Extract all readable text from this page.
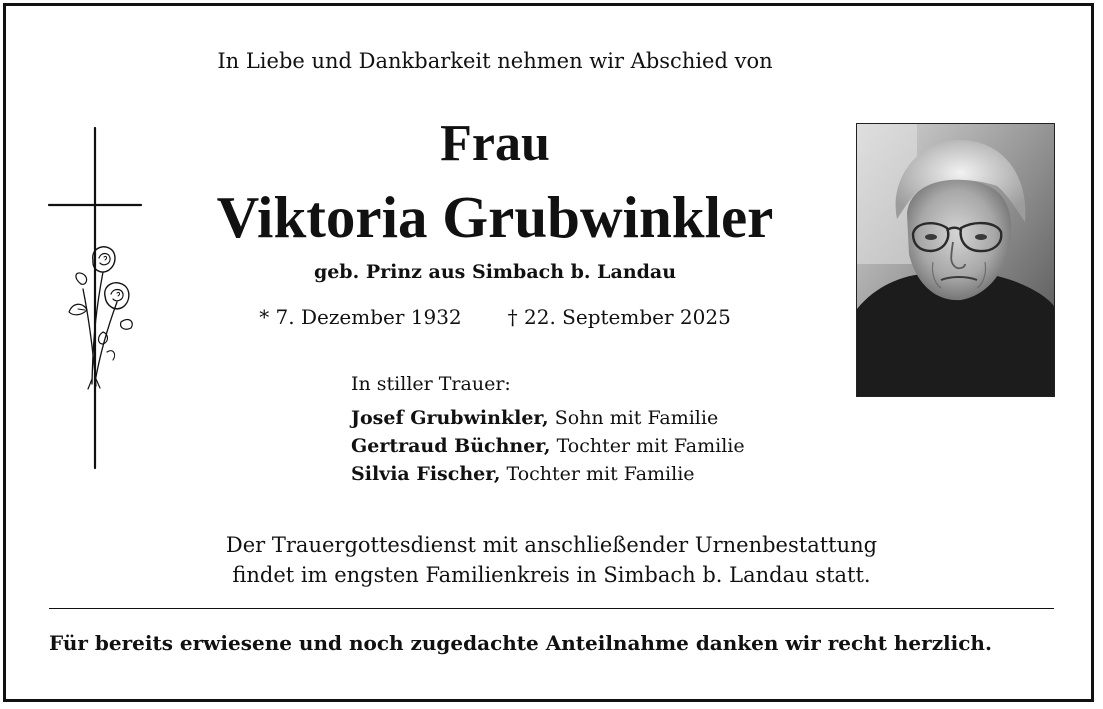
In Liebe und Dankbarkeit nehmen wir Abschied von
Frau
Viktoria Grubwinkler
geb. Prinz aus Simbach b. Landau
* 7. Dezember 1932 † 22. September 2025
In stiller Trauer:
Josef Grubwinkler, Sohn mit Familie
Gertraud Büchner, Tochter mit Familie
Silvia Fischer, Tochter mit Familie
Der Trauergottesdienst mit anschließender Urnenbestattung
findet im engsten Familienkreis in Simbach b. Landau statt.
Für bereits erwiesene und noch zugedachte Anteilnahme danken wir recht herzlich.
